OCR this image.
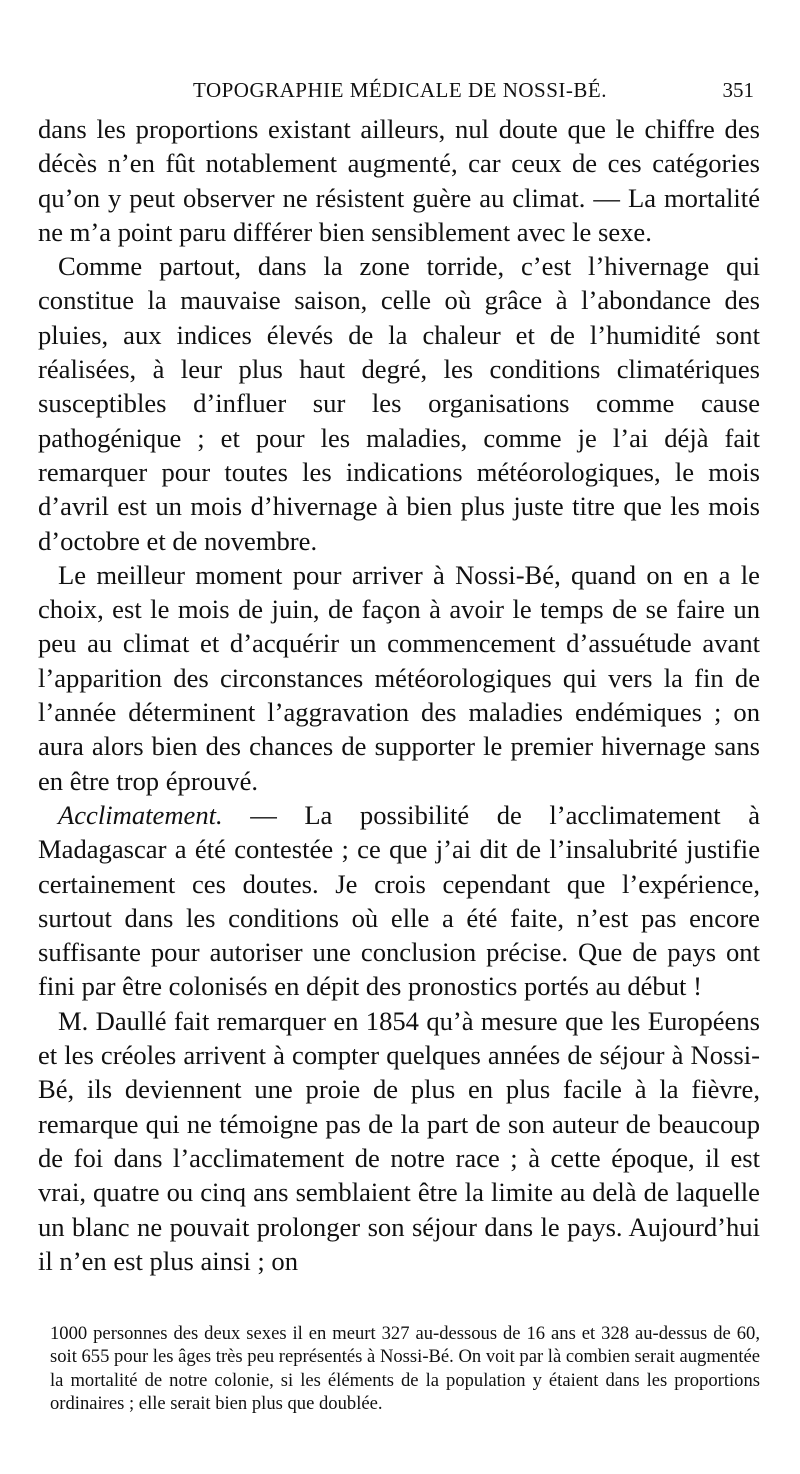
TOPOGRAPHIE MÉDICALE DE NOSSI-BÉ.	351

dans les proportions existant ailleurs, nul doute que le chiffre des décès n’en fût notablement augmenté, car ceux de ces catégories qu’on y peut observer ne résistent guère au climat. — La mortalité ne m’a point paru différer bien sensiblement avec le sexe.

Comme partout, dans la zone torride, c’est l’hivernage qui constitue la mauvaise saison, celle où grâce à l’abondance des pluies, aux indices élevés de la chaleur et de l’humidité sont réalisées, à leur plus haut degré, les conditions climatériques susceptibles d’influer sur les organisations comme cause pathogénique ; et pour les maladies, comme je l’ai déjà fait remarquer pour toutes les indications météorologiques, le mois d’avril est un mois d’hivernage à bien plus juste titre que les mois d’octobre et de novembre.

Le meilleur moment pour arriver à Nossi-Bé, quand on en a le choix, est le mois de juin, de façon à avoir le temps de se faire un peu au climat et d’acquérir un commencement d’assuétude avant l’apparition des circonstances météorologiques qui vers la fin de l’année déterminent l’aggravation des maladies endémiques ; on aura alors bien des chances de supporter le premier hivernage sans en être trop éprouvé.

Acclimatement. — La possibilité de l’acclimatement à Madagascar a été contestée ; ce que j’ai dit de l’insalubrité justifie certainement ces doutes. Je crois cependant que l’expérience, surtout dans les conditions où elle a été faite, n’est pas encore suffisante pour autoriser une conclusion précise. Que de pays ont fini par être colonisés en dépit des pronostics portés au début !

M. Daullé fait remarquer en 1854 qu’à mesure que les Européens et les créoles arrivent à compter quelques années de séjour à Nossi-Bé, ils deviennent une proie de plus en plus facile à la fièvre, remarque qui ne témoigne pas de la part de son auteur de beaucoup de foi dans l’acclimatement de notre race ; à cette époque, il est vrai, quatre ou cinq ans semblaient être la limite au delà de laquelle un blanc ne pouvait prolonger son séjour dans le pays. Aujourd’hui il n’en est plus ainsi ; on

1000 personnes des deux sexes il en meurt 327 au-dessous de 16 ans et 328 au-dessus de 60, soit 655 pour les âges très peu représentés à Nossi-Bé. On voit par là combien serait augmentée la mortalité de notre colonie, si les éléments de la population y étaient dans les proportions ordinaires ; elle serait bien plus que doublée.
